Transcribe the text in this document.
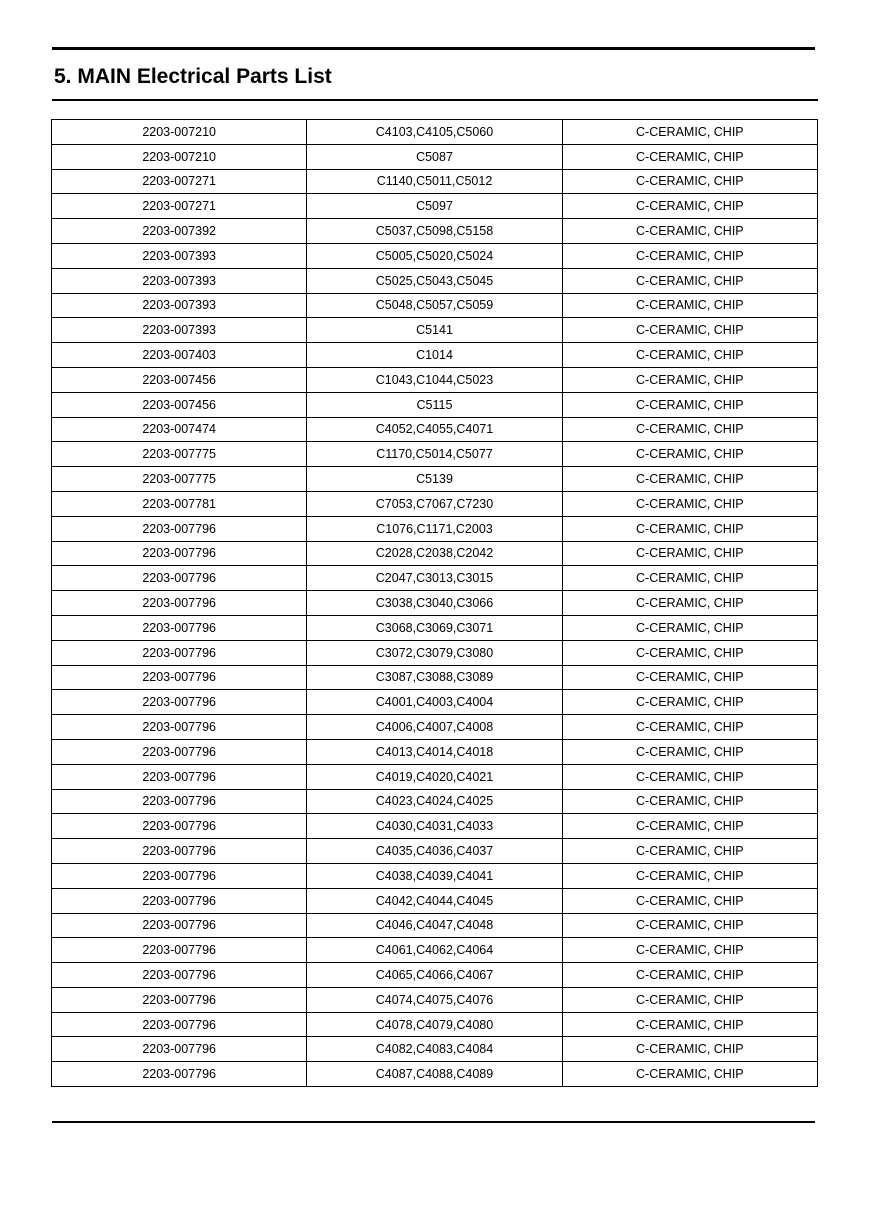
5. MAIN Electrical Parts List
2203-007210	C4103,C4105,C5060	C-CERAMIC, CHIP
2203-007210	C5087	C-CERAMIC, CHIP
2203-007271	C1140,C5011,C5012	C-CERAMIC, CHIP
2203-007271	C5097	C-CERAMIC, CHIP
2203-007392	C5037,C5098,C5158	C-CERAMIC, CHIP
2203-007393	C5005,C5020,C5024	C-CERAMIC, CHIP
2203-007393	C5025,C5043,C5045	C-CERAMIC, CHIP
2203-007393	C5048,C5057,C5059	C-CERAMIC, CHIP
2203-007393	C5141	C-CERAMIC, CHIP
2203-007403	C1014	C-CERAMIC, CHIP
2203-007456	C1043,C1044,C5023	C-CERAMIC, CHIP
2203-007456	C5115	C-CERAMIC, CHIP
2203-007474	C4052,C4055,C4071	C-CERAMIC, CHIP
2203-007775	C1170,C5014,C5077	C-CERAMIC, CHIP
2203-007775	C5139	C-CERAMIC, CHIP
2203-007781	C7053,C7067,C7230	C-CERAMIC, CHIP
2203-007796	C1076,C1171,C2003	C-CERAMIC, CHIP
2203-007796	C2028,C2038,C2042	C-CERAMIC, CHIP
2203-007796	C2047,C3013,C3015	C-CERAMIC, CHIP
2203-007796	C3038,C3040,C3066	C-CERAMIC, CHIP
2203-007796	C3068,C3069,C3071	C-CERAMIC, CHIP
2203-007796	C3072,C3079,C3080	C-CERAMIC, CHIP
2203-007796	C3087,C3088,C3089	C-CERAMIC, CHIP
2203-007796	C4001,C4003,C4004	C-CERAMIC, CHIP
2203-007796	C4006,C4007,C4008	C-CERAMIC, CHIP
2203-007796	C4013,C4014,C4018	C-CERAMIC, CHIP
2203-007796	C4019,C4020,C4021	C-CERAMIC, CHIP
2203-007796	C4023,C4024,C4025	C-CERAMIC, CHIP
2203-007796	C4030,C4031,C4033	C-CERAMIC, CHIP
2203-007796	C4035,C4036,C4037	C-CERAMIC, CHIP
2203-007796	C4038,C4039,C4041	C-CERAMIC, CHIP
2203-007796	C4042,C4044,C4045	C-CERAMIC, CHIP
2203-007796	C4046,C4047,C4048	C-CERAMIC, CHIP
2203-007796	C4061,C4062,C4064	C-CERAMIC, CHIP
2203-007796	C4065,C4066,C4067	C-CERAMIC, CHIP
2203-007796	C4074,C4075,C4076	C-CERAMIC, CHIP
2203-007796	C4078,C4079,C4080	C-CERAMIC, CHIP
2203-007796	C4082,C4083,C4084	C-CERAMIC, CHIP
2203-007796	C4087,C4088,C4089	C-CERAMIC, CHIP
